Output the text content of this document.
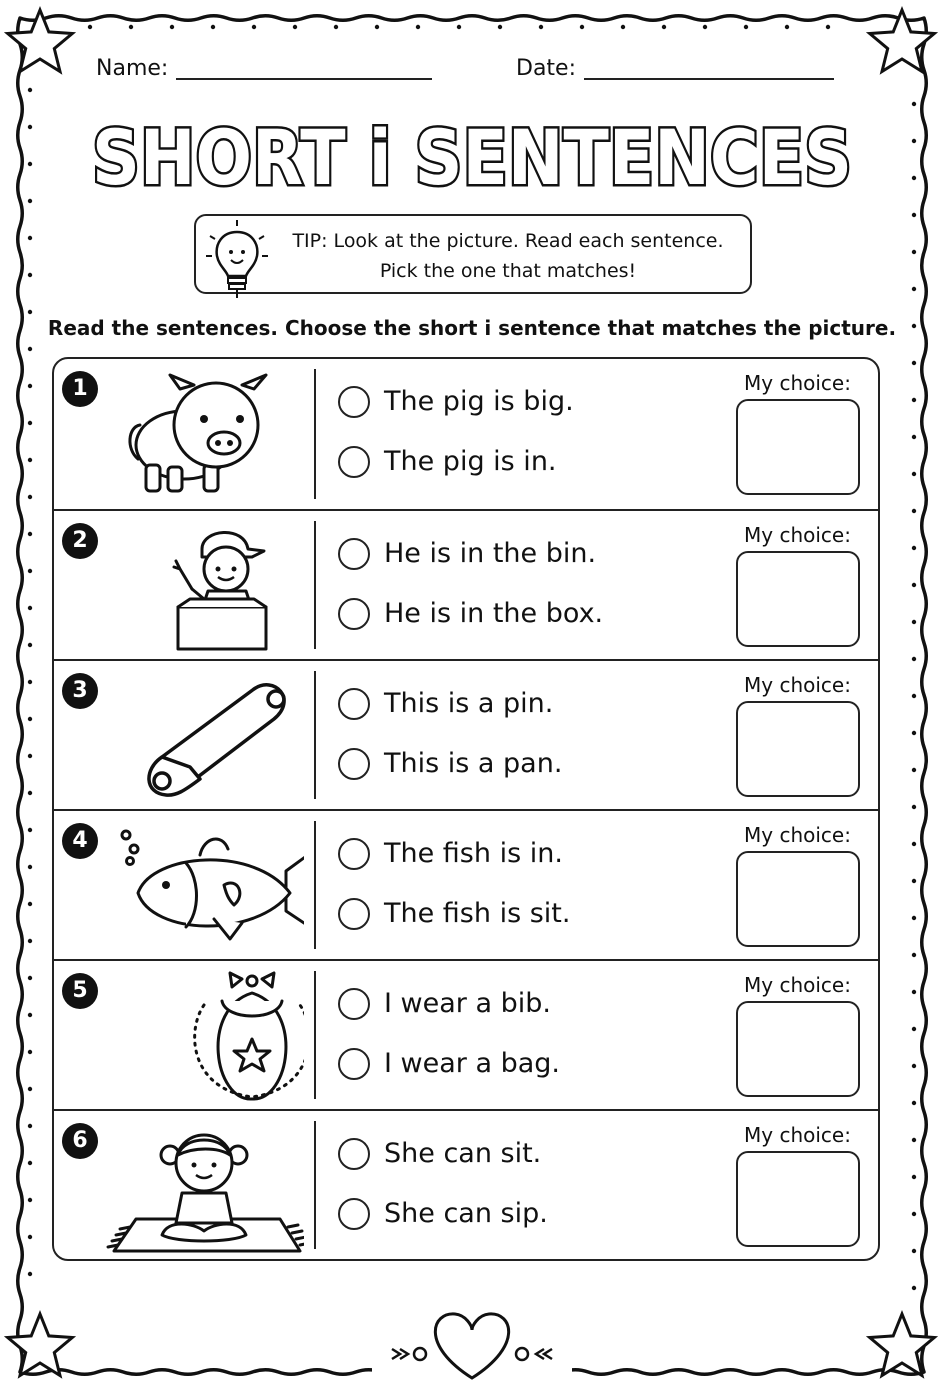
Name:	Date:
SHORT i SENTENCES
TIP: Look at the picture. Read each sentence.
Pick the one that matches!
Read the sentences. Choose the short i sentence that matches the picture.
1	The pig is big.
The pig is in.
My choice:
2	He is in the bin.
He is in the box.
My choice:
3	This is a pin.
This is a pan.
My choice:
4	The fish is in.
The fish is sit.
My choice:
5	I wear a bib.
I wear a bag.
My choice:
6	She can sit.
She can sip.
My choice:
